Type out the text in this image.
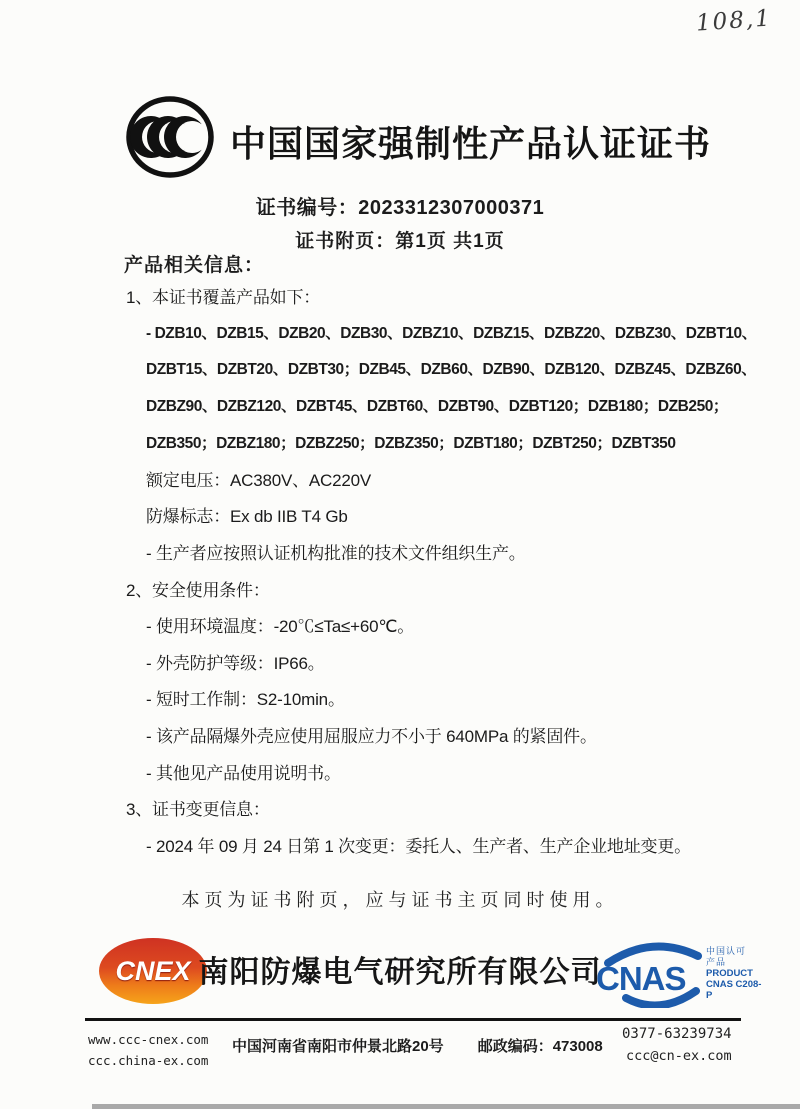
108,1
中国国家强制性产品认证证书
证书编号：2023312307000371
证书附页：第1页 共1页
产品相关信息：
1、本证书覆盖产品如下：
- DZB10、DZB15、DZB20、DZB30、DZBZ10、DZBZ15、DZBZ20、DZBZ30、DZBT10、
DZBT15、DZBT20、DZBT30；DZB45、DZB60、DZB90、DZB120、DZBZ45、DZBZ60、
DZBZ90、DZBZ120、DZBT45、DZBT60、DZBT90、DZBT120；DZB180；DZB250；
DZB350；DZBZ180；DZBZ250；DZBZ350；DZBT180；DZBT250；DZBT350
额定电压：AC380V、AC220V
防爆标志：Ex db IIB T4 Gb
- 生产者应按照认证机构批准的技术文件组织生产。
2、安全使用条件：
- 使用环境温度：-20℃≤Ta≤+60℃。
- 外壳防护等级：IP66。
- 短时工作制：S2-10min。
- 该产品隔爆外壳应使用屈服应力不小于 640MPa 的紧固件。
- 其他见产品使用说明书。
3、证书变更信息：
- 2024 年 09 月 24 日第 1 次变更：委托人、生产者、生产企业地址变更。
本页为证书附页，应与证书主页同时使用。
CNEX 南阳防爆电气研究所有限公司
CNAS
中国认可
产品
PRODUCT
CNAS C208-P
www.ccc-cnex.com
ccc.china-ex.com
中国河南省南阳市仲景北路20号 邮政编码：473008
0377-63239734
ccc@cn-ex.com
